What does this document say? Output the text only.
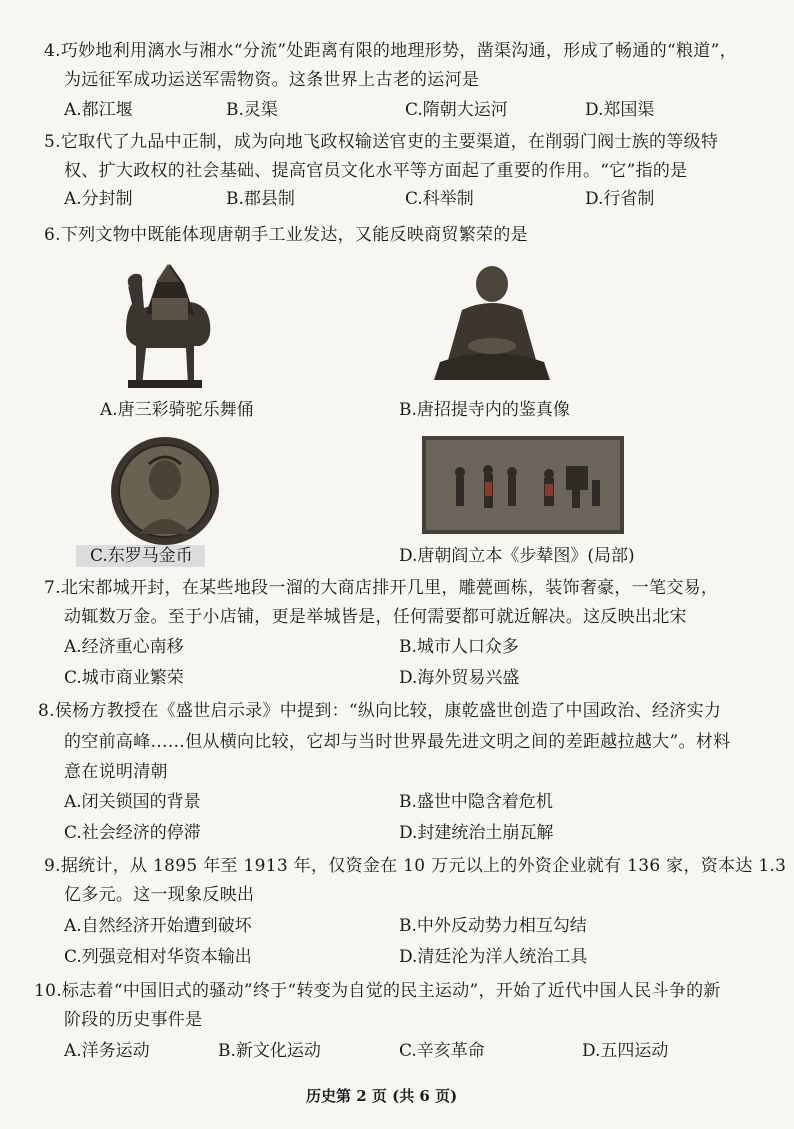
4.巧妙地利用漓水与湘水“分流”处距离有限的地理形势，凿渠沟通，形成了畅通的“粮道”，
为远征军成功运送军需物资。这条世界上古老的运河是
A.都江堰	B.灵渠	C.隋朝大运河	D.郑国渠
5.它取代了九品中正制，成为向地飞政权输送官吏的主要渠道，在削弱门阀士族的等级特
权、扩大政权的社会基础、提高官员文化水平等方面起了重要的作用。“它”指的是
A.分封制	B.郡县制	C.科举制	D.行省制
6.下列文物中既能体现唐朝手工业发达，又能反映商贸繁荣的是
A.唐三彩骑驼乐舞俑	B.唐招提寺内的鉴真像
C.东罗马金币	D.唐朝阎立本《步辇图》(局部)
7.北宋都城开封，在某些地段一溜的大商店排开几里，雕甍画栋，装饰奢豪，一笔交易，
动辄数万金。至于小店铺，更是举城皆是，任何需要都可就近解决。这反映出北宋
A.经济重心南移	B.城市人口众多
C.城市商业繁荣	D.海外贸易兴盛
8.侯杨方教授在《盛世启示录》中提到：“纵向比较，康乾盛世创造了中国政治、经济实力
的空前高峰……但从横向比较，它却与当时世界最先进文明之间的差距越拉越大”。材料
意在说明清朝
A.闭关锁国的背景	B.盛世中隐含着危机
C.社会经济的停滞	D.封建统治土崩瓦解
9.据统计，从 1895 年至 1913 年，仅资金在 10 万元以上的外资企业就有 136 家，资本达 1.3
亿多元。这一现象反映出
A.自然经济开始遭到破坏	B.中外反动势力相互勾结
C.列强竞相对华资本输出	D.清廷沦为洋人统治工具
10.标志着“中国旧式的骚动”终于“转变为自觉的民主运动”，开始了近代中国人民斗争的新
阶段的历史事件是
A.洋务运动	B.新文化运动	C.辛亥革命	D.五四运动
历史第 2 页 (共 6 页)
